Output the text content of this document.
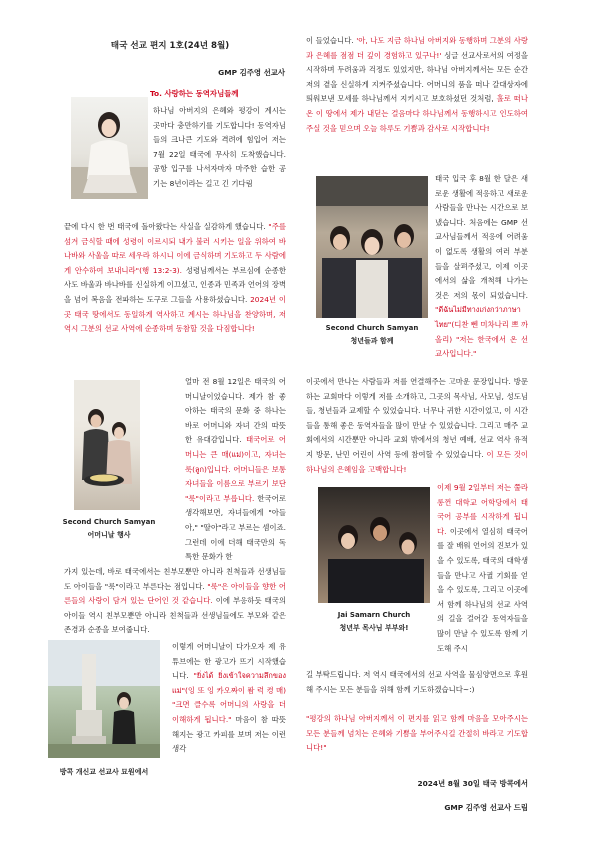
태국 선교 편지 1호(24년 8월)
GMP 김주영 선교사
To. 사랑하는 동역자님들께
하나님 아버지의 은혜와 평강이 계시는 곳마다 충만하기를 기도합니다! 동역자님들의 크나큰 기도와 격려에 힘입어 저는 7월 22일 태국에 무사히 도착했습니다. 공항 입구를 나서자마자 마주한 습한 공기는 8년이라는 길고 긴 기다림
끝에 다시 한 번 태국에 돌아왔다는 사실을 실감하게 했습니다. "주를 섬겨 금식할 때에 성령이 이르시되 내가 불러 시키는 일을 위하여 바나바와 사울을 따로 세우라 하시니 이에 금식하며 기도하고 두 사람에게 안수하여 보내니라"(행 13:2-3). 성령님께서는 부르심에 순종한 사도 바울과 바나바를 신실하게 이끄셨고, 인종과 민족과 언어의 장벽을 넘어 복음을 전파하는 도구로 그들을 사용하셨습니다. 2024년 이곳 태국 땅에서도 동일하게 역사하고 계시는 하나님을 찬양하며, 저 역시 그분의 선교 사역에 순종하며 동참할 것을 다짐합니다!
Second Church Samyan
어머니날 행사
얼마 전 8월 12일은 태국의 어머니날이었습니다. 제가 참 좋아하는 태국의 문화 중 하나는 바로 어머니와 자녀 간의 따뜻한 유대감입니다. 태국어로 어머니는 큰 매(แม่)이고, 자녀는 룩(ลูก)입니다. 어머니들은 보통 자녀들을 이름으로 부르기 보단 "룩"이라고 부릅니다. 한국어로 생각해보면, 자녀들에게 "아들아," "딸아"라고 부르는 셈이죠. 그런데 이에 더해 태국만의 독특한 문화가 한
가지 있는데, 바로 태국에서는 친부모뿐만 아니라 친척들과 선생님들도 아이들을 "룩"이라고 부른다는 점입니다. "룩"은 아이들을 향한 어른들의 사랑이 담겨 있는 단어인 것 같습니다. 이에 부응하듯 태국의 아이들 역시 친부모뿐만 아니라 친척들과 선생님들에도 부모와 같은 존경과 순종을 보여줍니다.
방콕 개신교 선교사 묘원에서
이렇게 어머니날이 다가오자 제 유튜브에는 한 광고가 뜨기 시작했습니다. "ยิ่งได้ ยิ่งเข้าใจความลึกของแม่"(잉 또 잉 카오짜이 퐘 럭 켱 매) "크면 클수록 어머니의 사랑을 더 이해하게 됩니다." 마음이 참 따뜻해지는 광고 카피를 보며 저는 이런 생각
이 들었습니다. '아, 나도 지금 하나님 아버지와 동행하며 그분의 사랑과 은혜를 점점 더 깊이 경험하고 있구나!' 싱글 선교사로서의 여정을 시작하며 두려움과 걱정도 있었지만, 하나님 아버지께서는 모든 순간 저의 곁을 신실하게 지켜주셨습니다. 어머니의 품을 떠나 갈대상자에 띄워보낸 모세를 하나님께서 지키시고 보호하셨던 것처럼, 홀로 떠나온 이 땅에서 제가 내딛는 걸음마다 하나님께서 동행하시고 인도하여 주실 것을 믿으며 오늘 하루도 기쁨과 감사로 시작합니다!
Second Church Samyan
청년들과 함께
태국 입국 후 8월 한 달은 새로운 생활에 적응하고 새로운 사람들을 만나는 시간으로 보냈습니다. 처음에는 GMP 선교사님들께서 적응에 어려움이 없도록 생활의 여러 부분들을 살펴주셨고, 이제 이곳에서의 삶을 개척해 나가는 것은 저의 몫이 되었습니다. "ดีฉันไม่มีทางเก่งกว่าภาษาไทย"(디찬 뻰 미차나리 쁘 까올리) "저는 한국에서 온 선교사입니다."
이곳에서 만나는 사람들과 저를 연결해주는 고마운 문장입니다. 방문하는 교회마다 이렇게 저를 소개하고, 그곳의 목사님, 사모님, 성도님들, 청년들과 교제할 수 있었습니다. 너무나 귀한 시간이었고, 이 시간들을 통해 좋은 동역자들을 많이 만날 수 있었습니다. 그리고 매주 교회에서의 시간뿐만 아니라 교회 밖에서의 청년 예배, 선교 역사 유적지 방문, 난민 어린이 사역 등에 참여할 수 있었습니다. 이 모든 것이 하나님의 은혜임을 고백합니다!
Jai Samarn Church
청년부 목사님 부부와!
이제 9월 2일부터 저는 쭐라롱껀 대학교 어학당에서 태국어 공부를 시작하게 됩니다. 이곳에서 열심히 태국어를 잘 배워 언어의 진보가 있을 수 있도록, 태국의 대학생들을 만나고 사귈 기회를 얻을 수 있도록, 그리고 이곳에서 함께 하나님의 선교 사역의 길을 걸어갈 동역자들을 많이 만날 수 있도록 함께 기도해 주시
길 부탁드립니다. 저 역시 태국에서의 선교 사역을 물심양면으로 후원해 주시는 모든 분들을 위해 함께 기도하겠습니다~:)
"평강의 하나님 아버지께서 이 편지를 읽고 함께 마음을 모아주시는 모든 분들께 넘치는 은혜와 기쁨을 부어주시길 간절히 바라고 기도합니다!"
2024년 8월 30일 태국 방콕에서
GMP 김주영 선교사 드림
